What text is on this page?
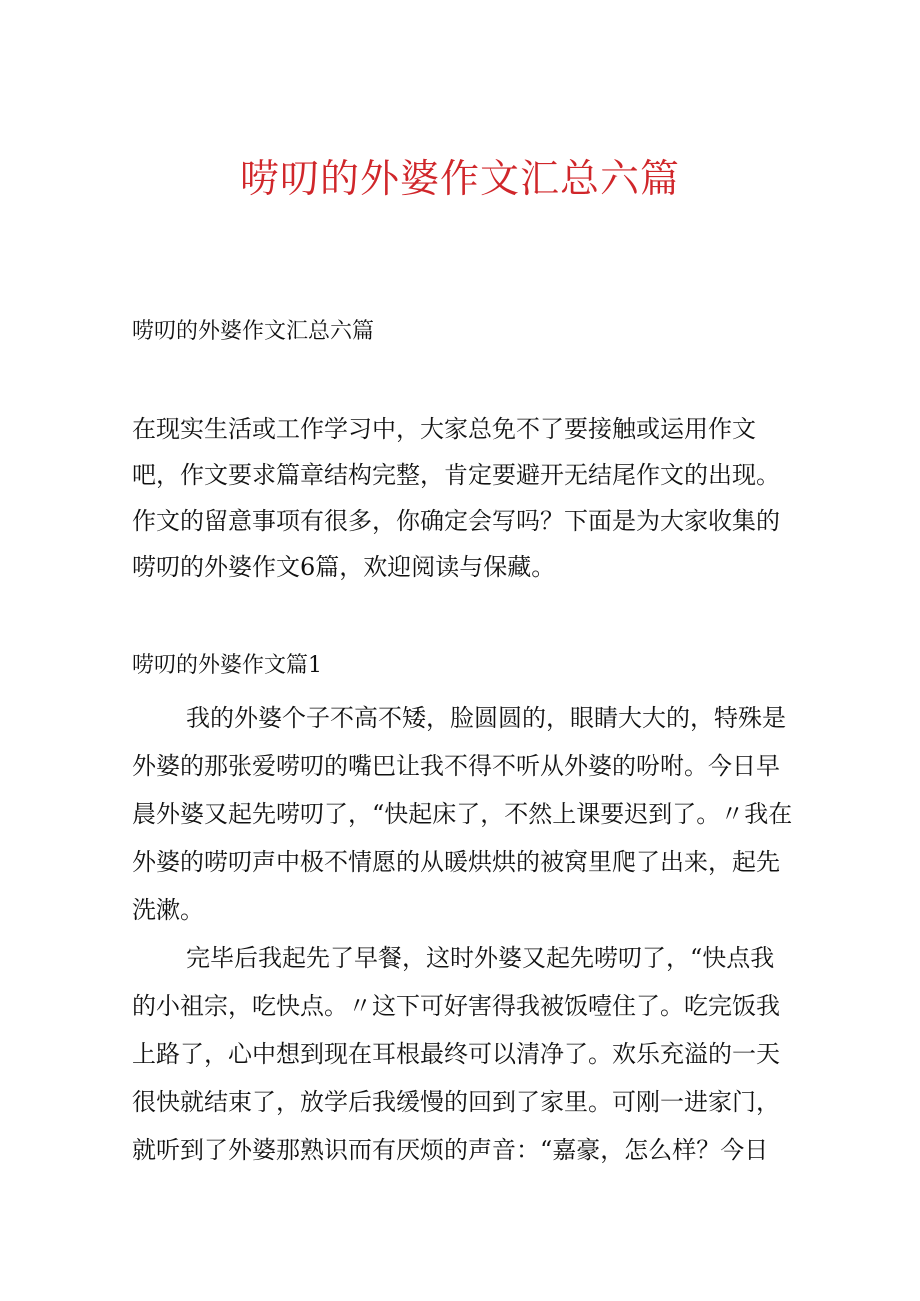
唠叨的外婆作文汇总六篇

唠叨的外婆作文汇总六篇

在现实生活或工作学习中，大家总免不了要接触或运用作文吧，作文要求篇章结构完整，肯定要避开无结尾作文的出现。作文的留意事项有很多，你确定会写吗？下面是为大家收集的唠叨的外婆作文6篇，欢迎阅读与保藏。

唠叨的外婆作文篇1

我的外婆个子不高不矮，脸圆圆的，眼睛大大的，特殊是外婆的那张爱唠叨的嘴巴让我不得不听从外婆的吩咐。今日早晨外婆又起先唠叨了，“快起床了，不然上课要迟到了。〃我在外婆的唠叨声中极不情愿的从暖烘烘的被窝里爬了出来，起先洗漱。

完毕后我起先了早餐，这时外婆又起先唠叨了，“快点我的小祖宗，吃快点。〃这下可好害得我被饭噎住了。吃完饭我上路了，心中想到现在耳根最终可以清净了。欢乐充溢的一天很快就结束了，放学后我缓慢的回到了家里。可刚一进家门，就听到了外婆那熟识而有厌烦的声音：“嘉豪，怎么样？今日
